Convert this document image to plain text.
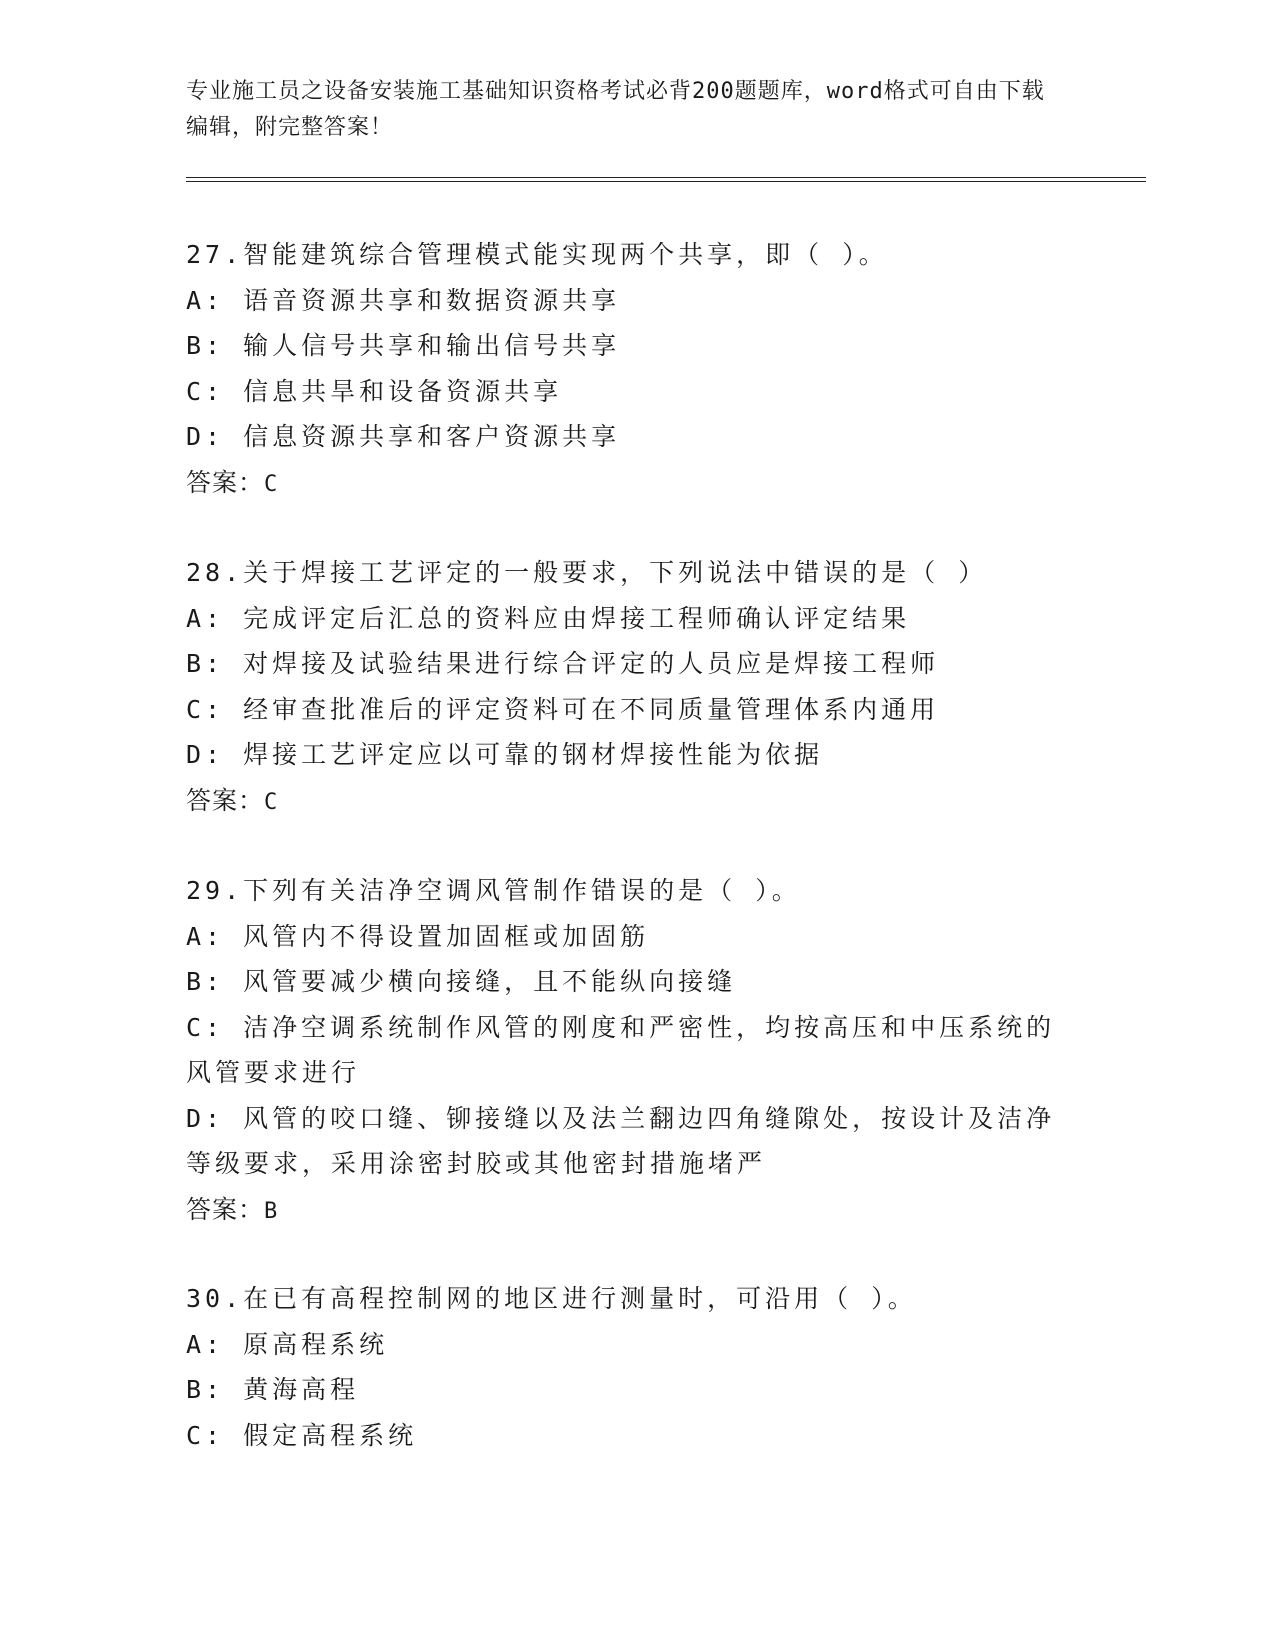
专业施工员之设备安装施工基础知识资格考试必背200题题库，word格式可自由下载编辑，附完整答案！
27.智能建筑综合管理模式能实现两个共享，即（ ）。
A: 语音资源共享和数据资源共享
B: 输人信号共享和输出信号共享
C: 信息共旱和设备资源共享
D: 信息资源共享和客户资源共享
答案：C
28.关于焊接工艺评定的一般要求，下列说法中错误的是（ ）
A: 完成评定后汇总的资料应由焊接工程师确认评定结果
B: 对焊接及试验结果进行综合评定的人员应是焊接工程师
C: 经审查批准后的评定资料可在不同质量管理体系内通用
D: 焊接工艺评定应以可靠的钢材焊接性能为依据
答案：C
29.下列有关洁净空调风管制作错误的是（ ）。
A: 风管内不得设置加固框或加固筋
B: 风管要减少横向接缝，且不能纵向接缝
C: 洁净空调系统制作风管的刚度和严密性，均按高压和中压系统的风管要求进行
D: 风管的咬口缝、铆接缝以及法兰翻边四角缝隙处，按设计及洁净等级要求，采用涂密封胶或其他密封措施堵严
答案：B
30.在已有高程控制网的地区进行测量时，可沿用（ ）。
A: 原高程系统
B: 黄海高程
C: 假定高程系统
